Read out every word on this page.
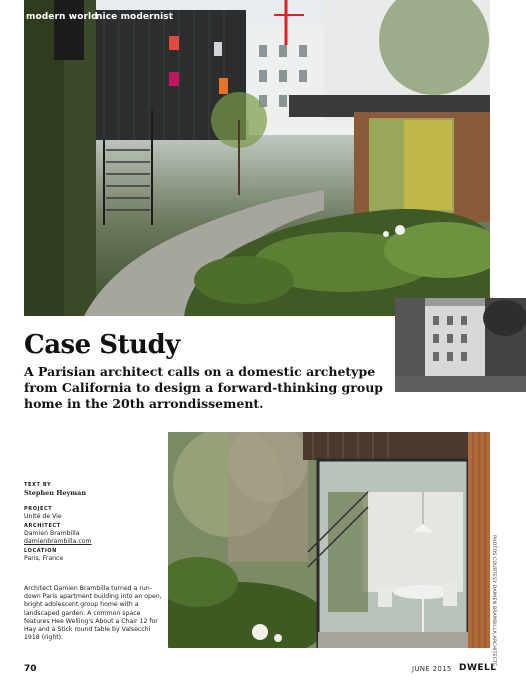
modern world
nice modernist
Case Study

A Parisian architect calls on a domestic archetype from California to design a forward-thinking group home in the 20th arrondissement.

TEXT BY

Stephen Heyman

PROJECT

Unité de Vie

ARCHITECT

Damien Brambilla

damienbrambilla.com

LOCATION

Paris, France

Architect Damien Brambilla turned a run-down Paris apartment building into an open, bright adolescent group home with a landscaped garden. A common space features Hee Welling's About a Chair 12 for Hay and a Stick round table by Valsecchi 1918 (right).	PHOTOS COURTESY DAMIEN BRAMBILLA ARCHITECTE
70	JUNE 2015 DWELL
